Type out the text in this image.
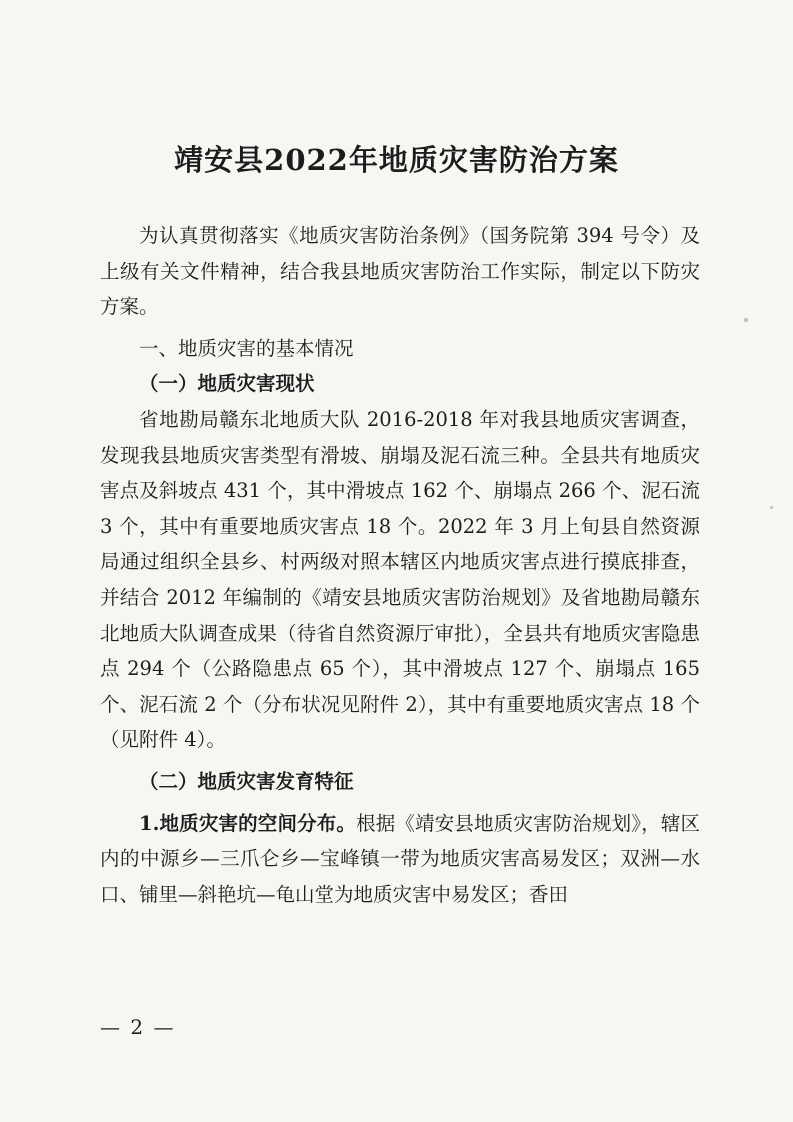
靖安县2022年地质灾害防治方案

为认真贯彻落实《地质灾害防治条例》（国务院第 394 号令）及上级有关文件精神，结合我县地质灾害防治工作实际，制定以下防灾方案。

一、地质灾害的基本情况

（一）地质灾害现状

省地勘局赣东北地质大队 2016-2018 年对我县地质灾害调查，发现我县地质灾害类型有滑坡、崩塌及泥石流三种。全县共有地质灾害点及斜坡点 431 个，其中滑坡点 162 个、崩塌点 266 个、泥石流 3 个，其中有重要地质灾害点 18 个。2022 年 3 月上旬县自然资源局通过组织全县乡、村两级对照本辖区内地质灾害点进行摸底排查，并结合 2012 年编制的《靖安县地质灾害防治规划》及省地勘局赣东北地质大队调查成果（待省自然资源厅审批），全县共有地质灾害隐患点 294 个（公路隐患点 65 个），其中滑坡点 127 个、崩塌点 165 个、泥石流 2 个（分布状况见附件 2），其中有重要地质灾害点 18 个（见附件 4）。

（二）地质灾害发育特征

1.地质灾害的空间分布。根据《靖安县地质灾害防治规划》，辖区内的中源乡—三爪仑乡—宝峰镇一带为地质灾害高易发区；双洲—水口、铺里—斜艳坑—龟山堂为地质灾害中易发区；香田

— 2 —
